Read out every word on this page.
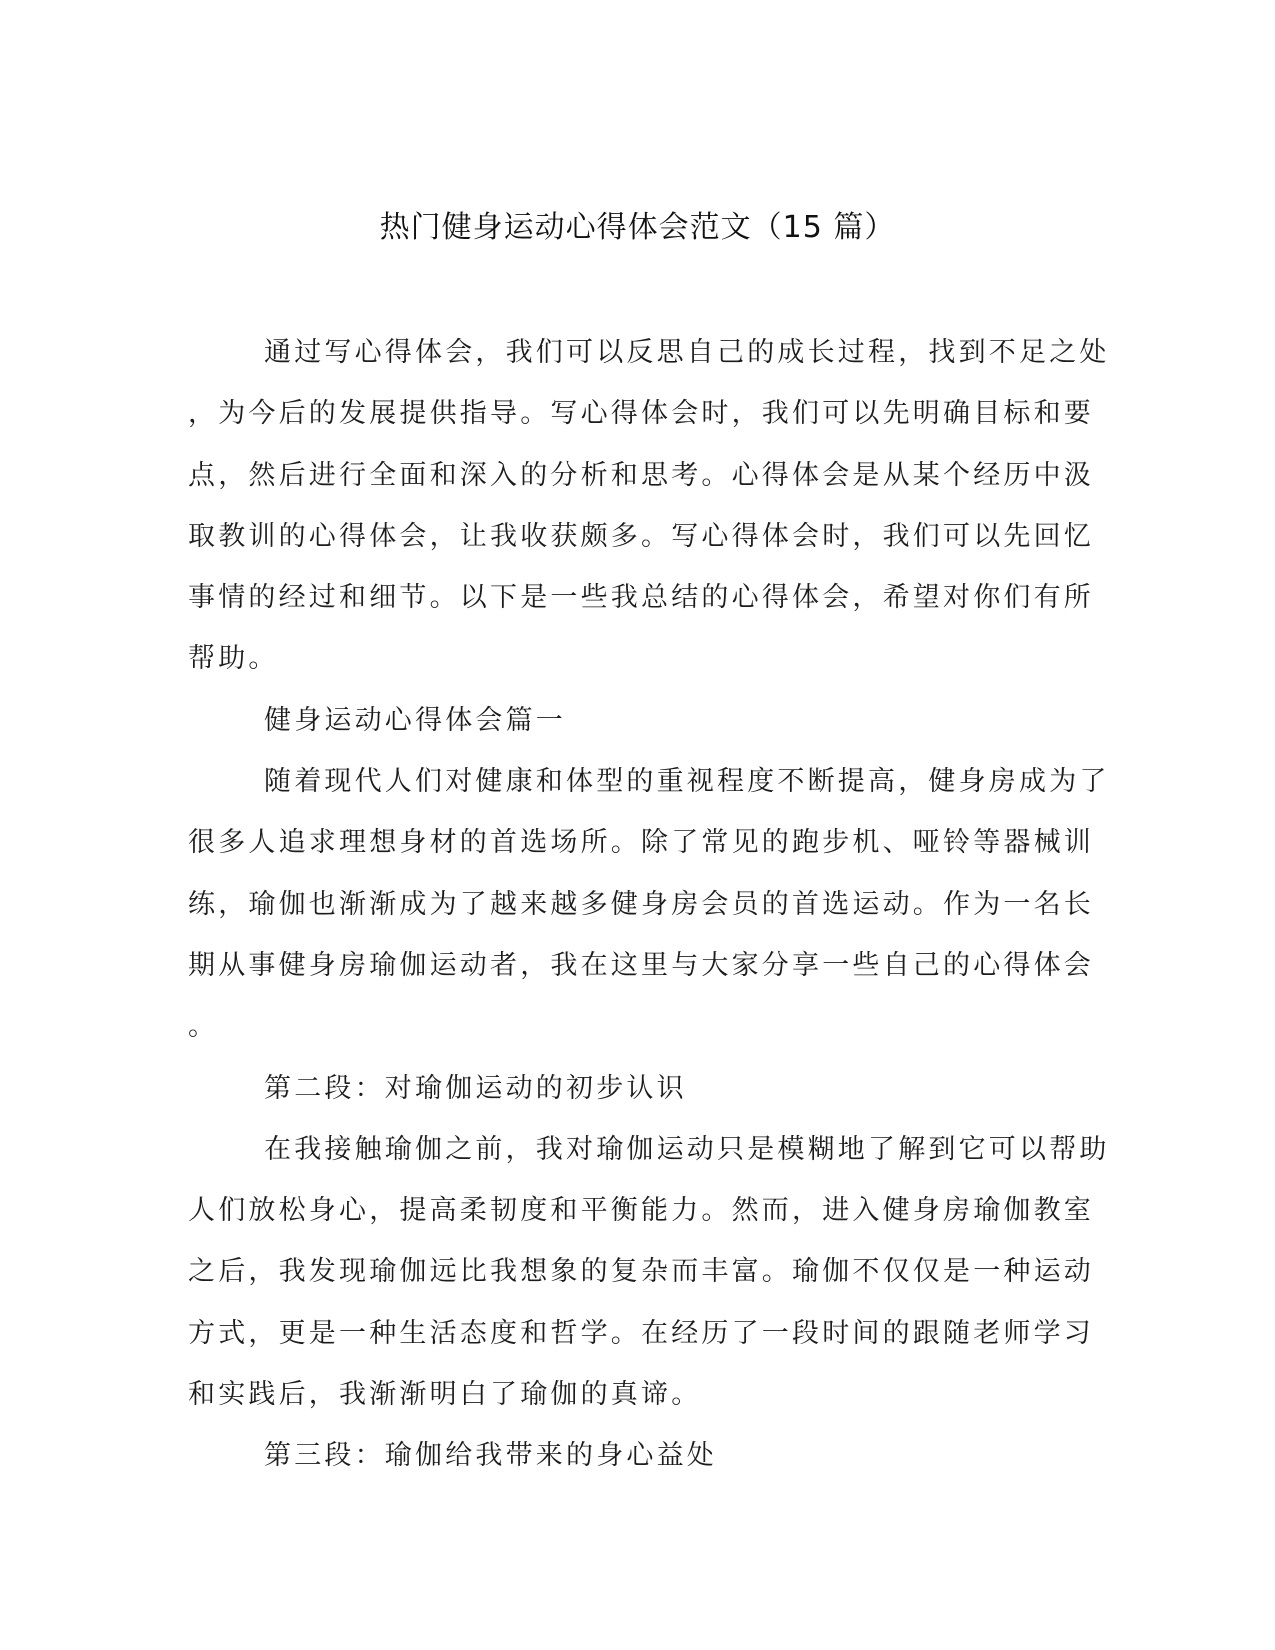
热门健身运动心得体会范文（15 篇）
通过写心得体会，我们可以反思自己的成长过程，找到不足之处
，为今后的发展提供指导。写心得体会时，我们可以先明确目标和要
点，然后进行全面和深入的分析和思考。心得体会是从某个经历中汲
取教训的心得体会，让我收获颇多。写心得体会时，我们可以先回忆
事情的经过和细节。以下是一些我总结的心得体会，希望对你们有所
帮助。
健身运动心得体会篇一
随着现代人们对健康和体型的重视程度不断提高，健身房成为了
很多人追求理想身材的首选场所。除了常见的跑步机、哑铃等器械训
练，瑜伽也渐渐成为了越来越多健身房会员的首选运动。作为一名长
期从事健身房瑜伽运动者，我在这里与大家分享一些自己的心得体会
。
第二段：对瑜伽运动的初步认识
在我接触瑜伽之前，我对瑜伽运动只是模糊地了解到它可以帮助
人们放松身心，提高柔韧度和平衡能力。然而，进入健身房瑜伽教室
之后，我发现瑜伽远比我想象的复杂而丰富。瑜伽不仅仅是一种运动
方式，更是一种生活态度和哲学。在经历了一段时间的跟随老师学习
和实践后，我渐渐明白了瑜伽的真谛。
第三段：瑜伽给我带来的身心益处
